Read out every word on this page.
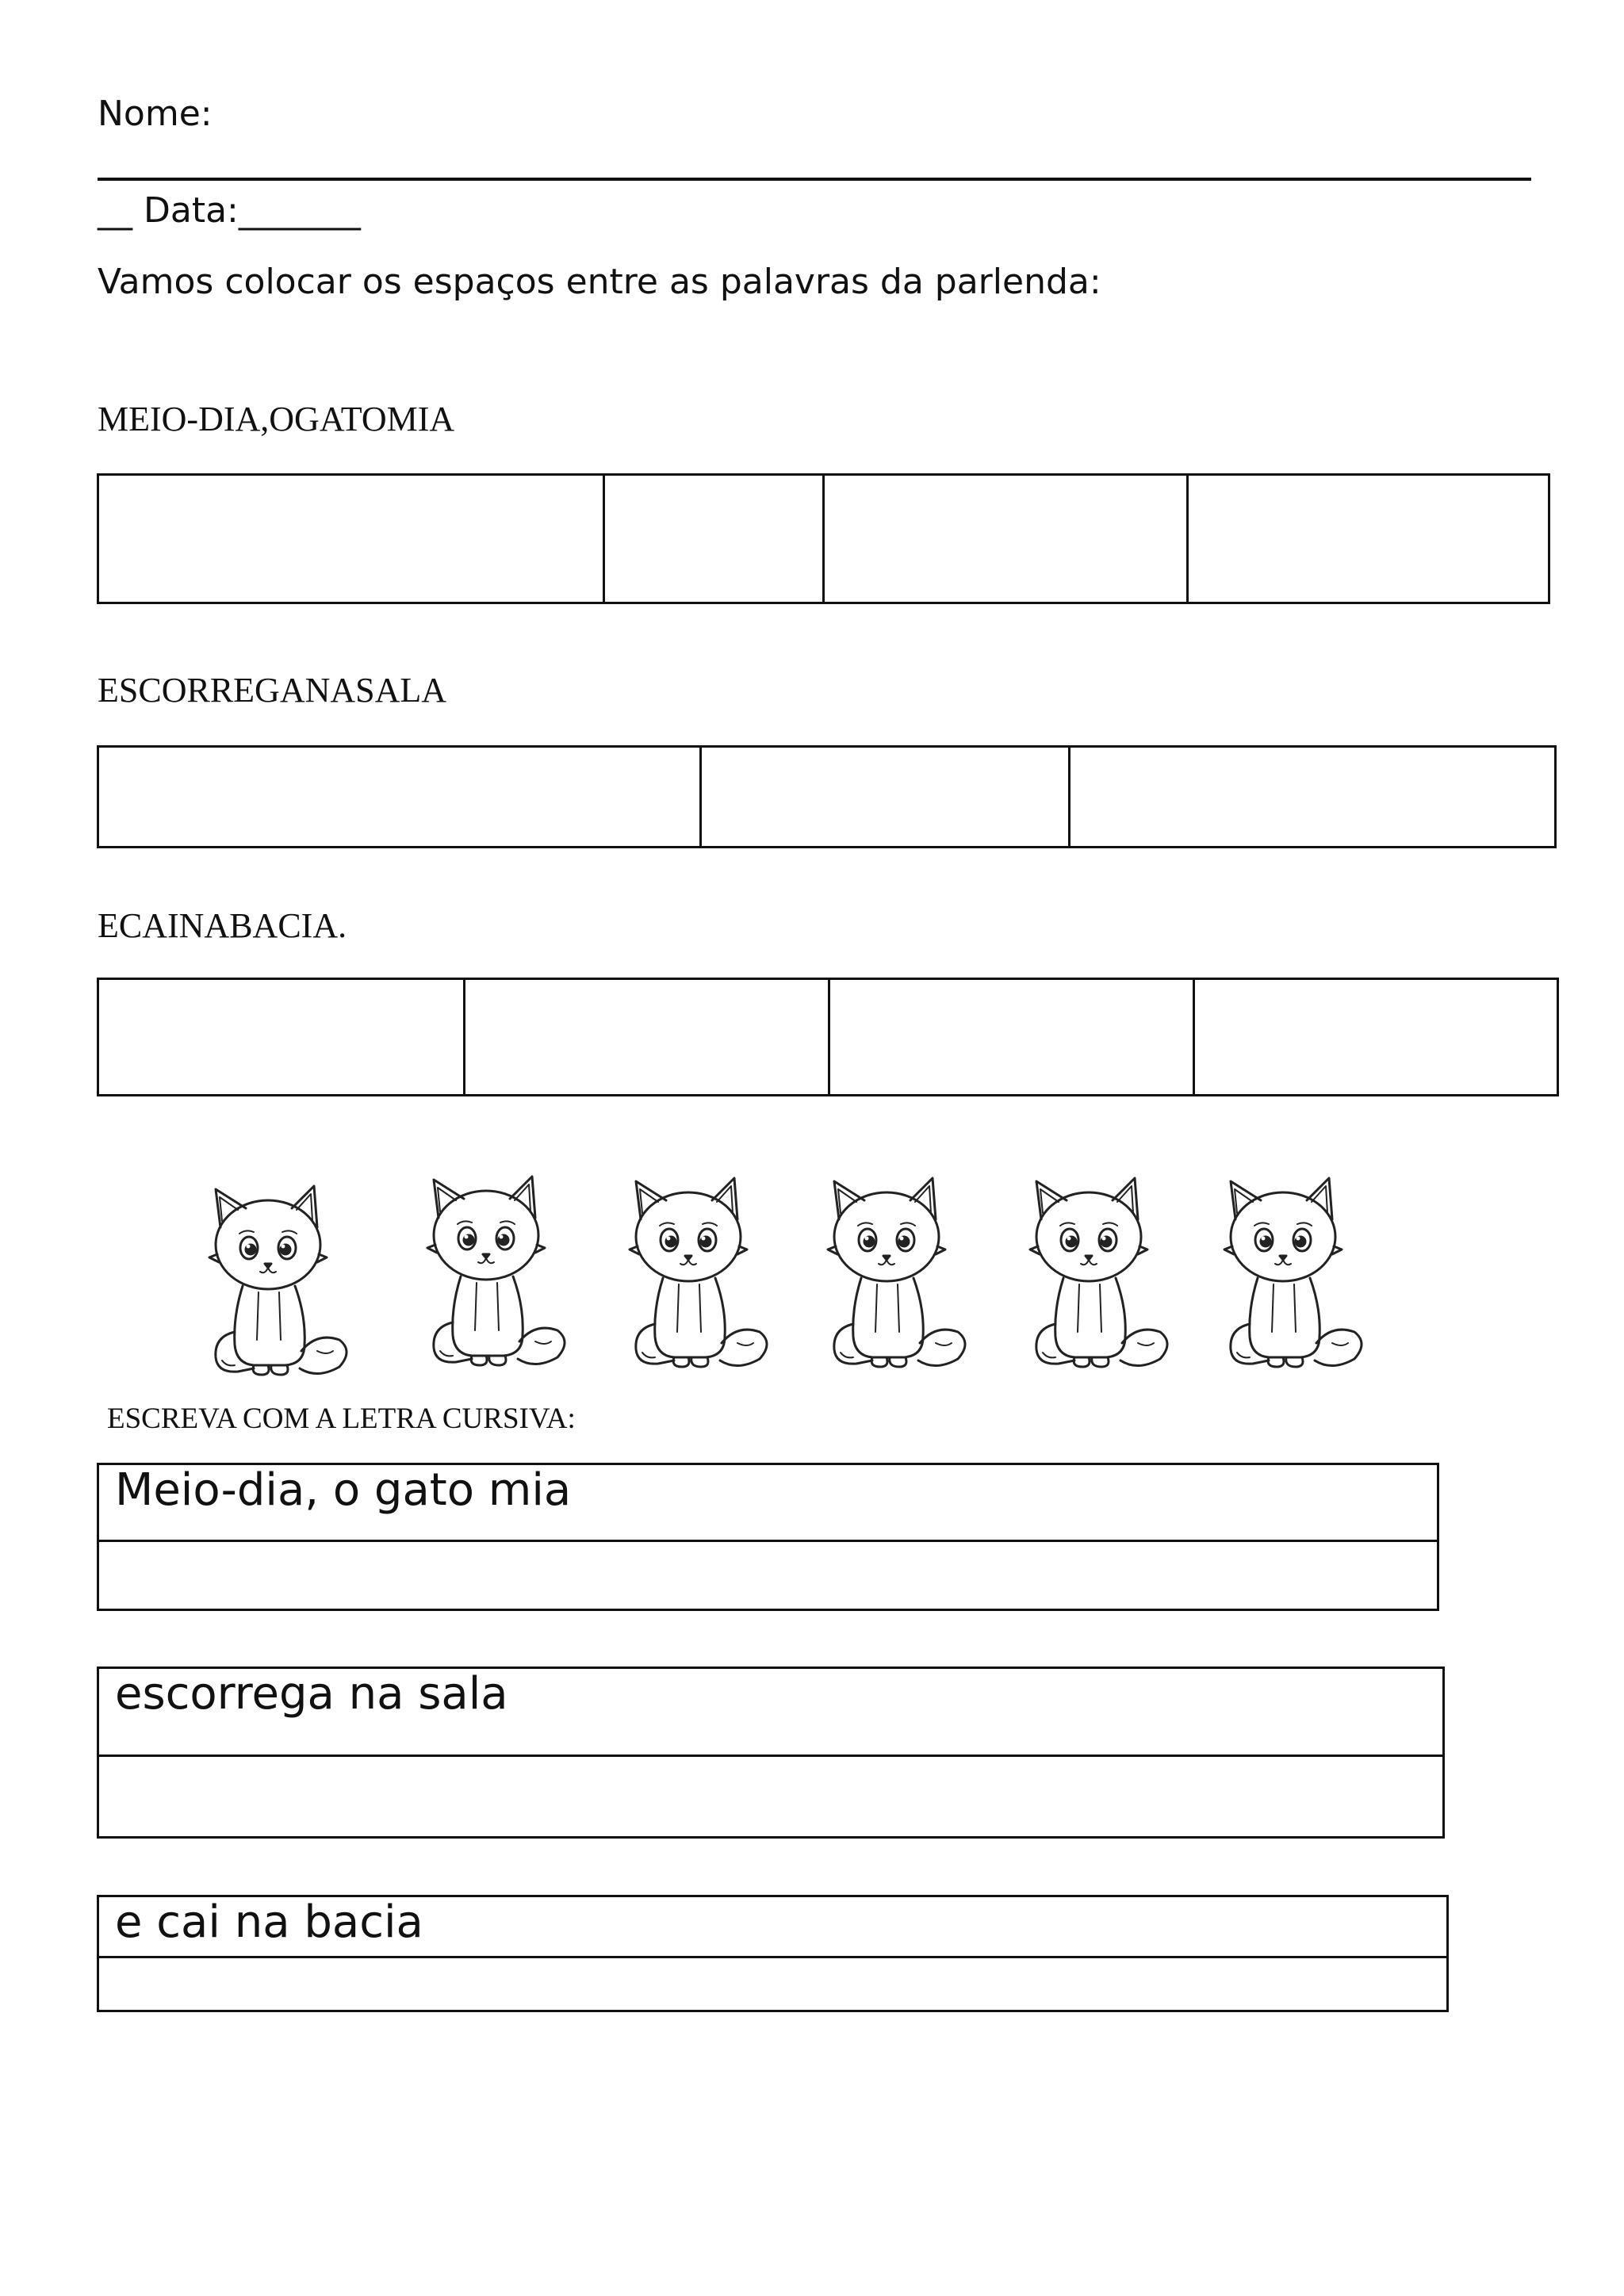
Nome:
__ Data:_______
Vamos colocar os espaços entre as palavras da parlenda:
MEIO-DIA,OGATOMIA

ESCORREGANASALA

ECAINABACIA.

ESCREVA COM A LETRA CURSIVA:
Meio-dia, o gato mia

escorrega na sala

e cai na bacia
